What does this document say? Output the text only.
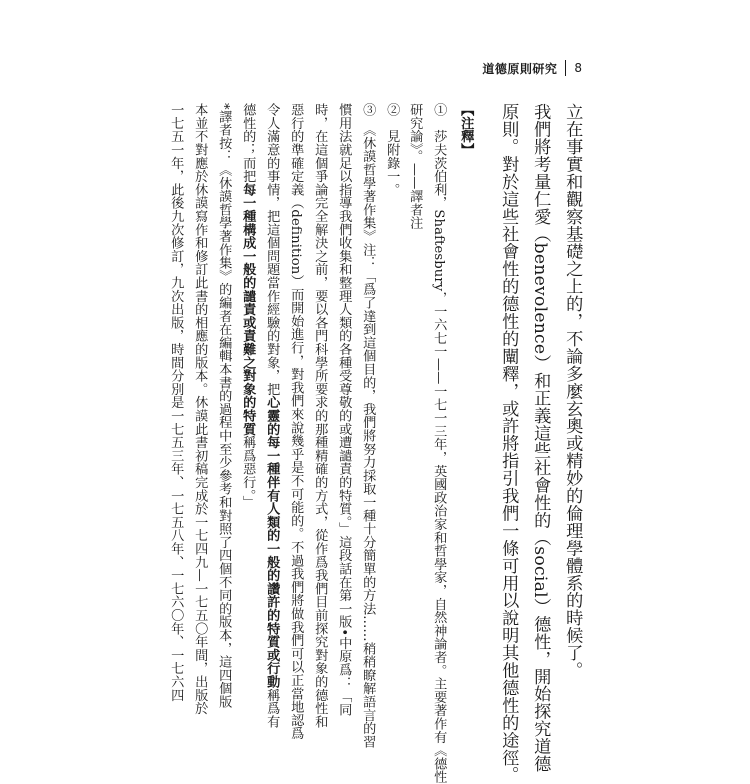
道德原則研究 8
立在事實和觀察基礎之上的，不論多麼玄奧或精妙的倫理學體系的時候了。
我們將考量仁愛（benevolence）和正義這些社會性的（social）德性，開始探究道德
原則。對於這些社會性的德性的闡釋，或許將指引我們一條可用以說明其他德性的途徑。
【注釋】
①　莎夫茨伯利，Shaftesbury，一六七一——一七一三年，英國政治家和哲學家，自然神論者。主要著作有《德性
研究論》。——譯者注
②　見附錄一。
③　《休謨哲學著作集》注：「爲了達到這個目的，我們將努力採取一種十分簡單的方法……稍稍瞭解語言的習
慣用法就足以指導我們收集和整理人類的各種受尊敬的或遭譴責的特質。」這段話在第一版•中原爲：「同
時，在這個爭論完全解決之前，要以各門科學所要求的那種精確的方式，從作爲我們目前探究對象的德性和
惡行的準確定義（definition）而開始進行，對我們來說幾乎是不可能的。不過我們將做我們可以正當地認爲
令人滿意的事情，把這個問題當作經驗的對象，把心靈的每一種伴有人類的一般的讚許的特質或行動稱爲有
德性的；而把每一種構成一般的譴責或責難之對象的特質稱爲惡行。」
*譯者按：《休謨哲學著作集》的編者在編輯本書的過程中至少參考和對照了四個不同的版本，這四個版
本並不對應於休謨寫作和修訂此書的相應的版本。休謨此書初稿完成於一七四九—一七五〇年間，出版於
一七五一年，此後九次修訂，九次出版，時間分別是一七五三年、一七五八年、一七六〇年、一七六四
